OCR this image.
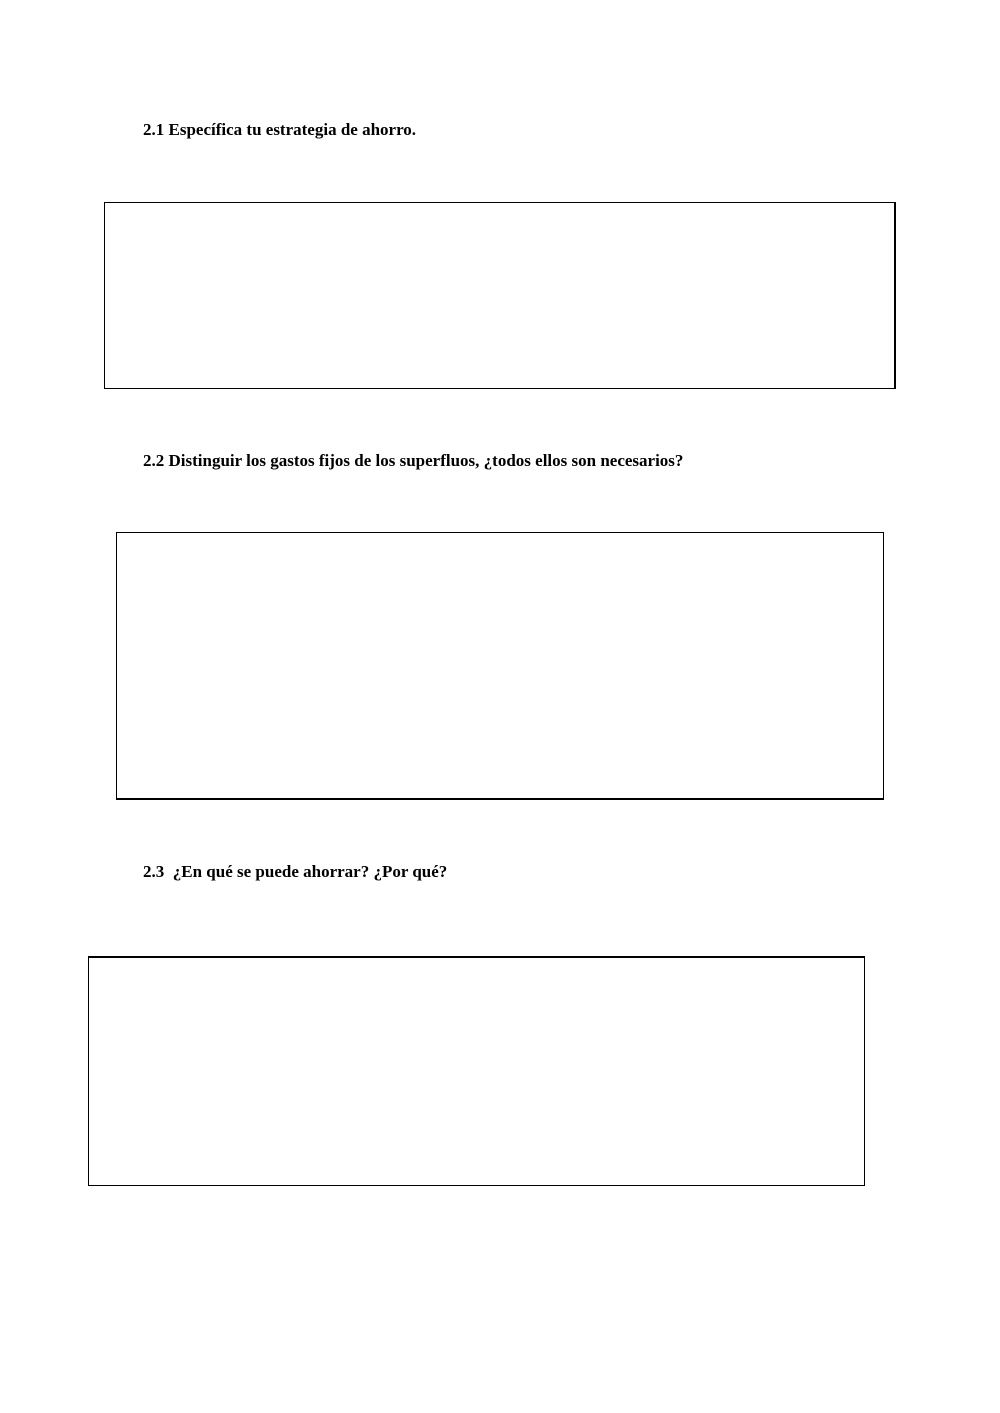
2.1 Específica tu estrategia de ahorro.

2.2 Distinguir los gastos fijos de los superfluos, ¿todos ellos son necesarios?

2.3  ¿En qué se puede ahorrar? ¿Por qué?
